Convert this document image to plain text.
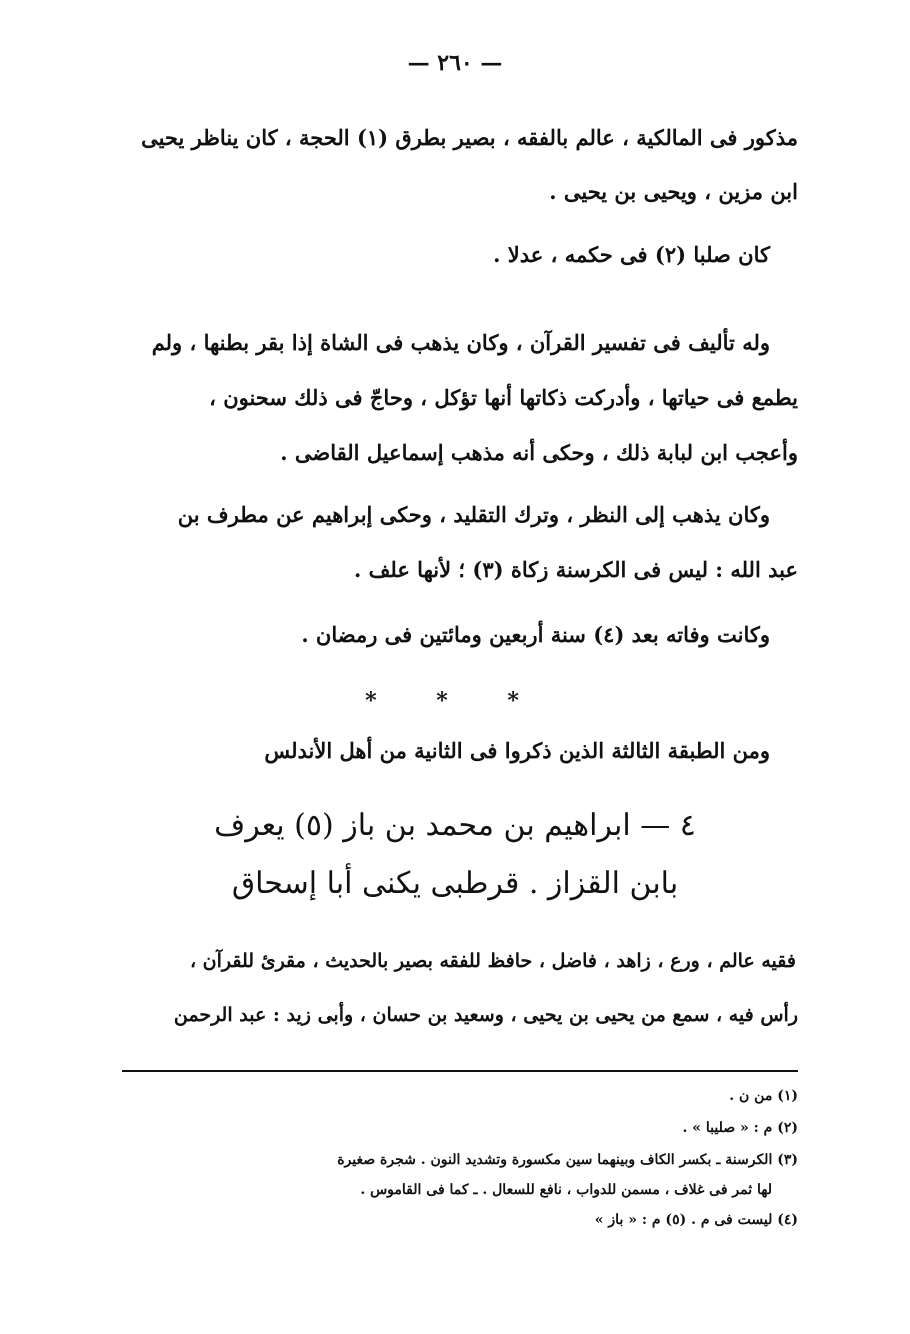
— ٢٦٠ —
مذكور فى المالكية ، عالم بالفقه ، بصير بطرق (١) الحجة ، كان يناظر يحيى
ابن مزين ، ويحيى بن يحيى .
كان صلبا (٢) فى حكمه ، عدلا .
وله تأليف فى تفسير القرآن ، وكان يذهب فى الشاة إذا بقر بطنها ، ولم
يطمع فى حياتها ، وأدركت ذكاتها أنها تؤكل ، وحاجّ فى ذلك سحنون ،
وأعجب ابن لبابة ذلك ، وحكى أنه مذهب إسماعيل القاضى .
وكان يذهب إلى النظر ، وترك التقليد ، وحكى إبراهيم عن مطرف بن
عبد الله : ليس فى الكرسنة زكاة (٣) ؛ لأنها علف .
وكانت وفاته بعد (٤) سنة أربعين ومائتين فى رمضان .
* * *
ومن الطبقة الثالثة الذين ذكروا فى الثانية من أهل الأندلس
٤ — ابراهيم بن محمد بن باز (٥) يعرف
بابن القزاز . قرطبى يكنى أبا إسحاق
فقيه عالم ، ورع ، زاهد ، فاضل ، حافظ للفقه بصير بالحديث ، مقرئ للقرآن ،
رأس فيه ، سمع من يحيى بن يحيى ، وسعيد بن حسان ، وأبى زيد : عبد الرحمن
(١) من ن .
(٢) م : « صليبا » .
(٣) الكرسنة ـ بكسر الكاف وبينهما سين مكسورة وتشديد النون . شجرة صغيرة
لها ثمر فى غلاف ، مسمن للدواب ، نافع للسعال . ـ كما فى القاموس .
(٤) ليست فى م . (٥) م : « باز »
